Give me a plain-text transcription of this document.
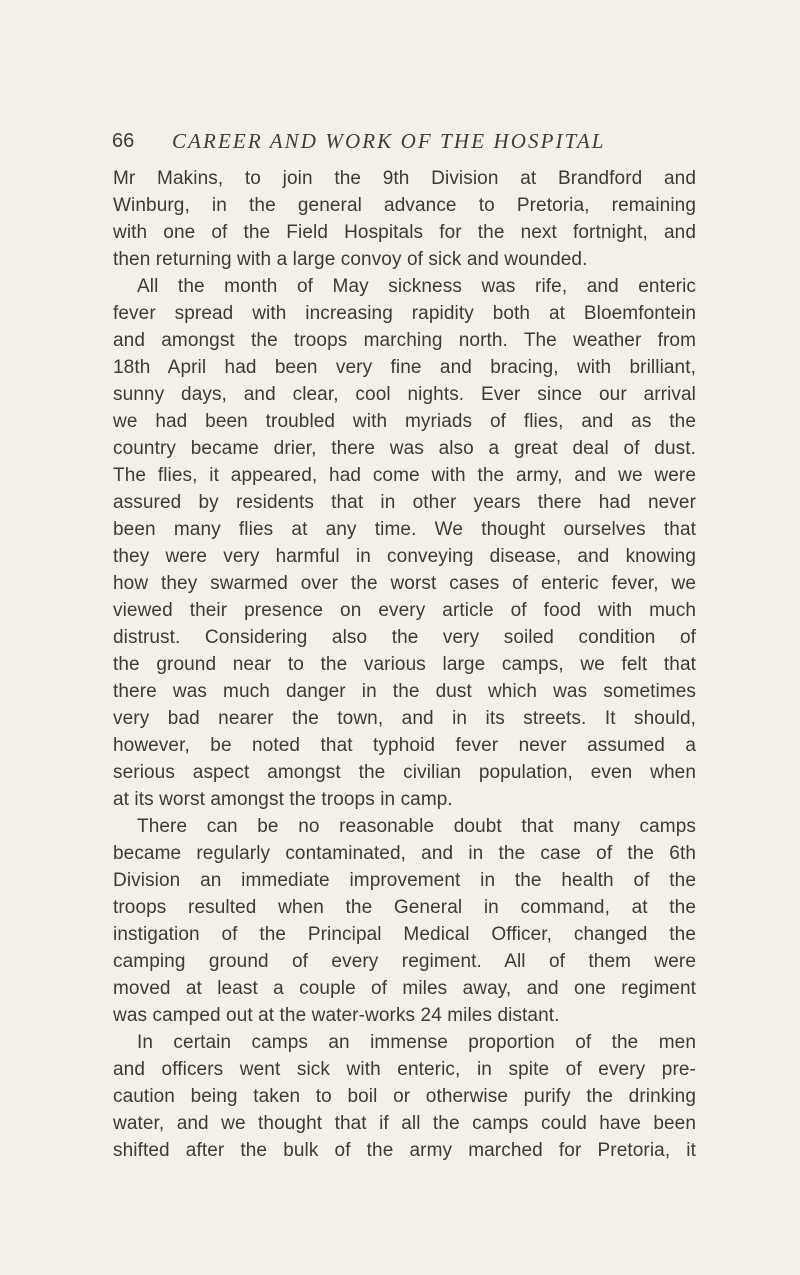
66 CAREER AND WORK OF THE HOSPITAL
Mr Makins, to join the 9th Division at Brandford and
Winburg, in the general advance to Pretoria, remaining
with one of the Field Hospitals for the next fortnight, and
then returning with a large convoy of sick and wounded.
All the month of May sickness was rife, and enteric
fever spread with increasing rapidity both at Bloemfontein
and amongst the troops marching north. The weather from
18th April had been very fine and bracing, with brilliant,
sunny days, and clear, cool nights. Ever since our arrival
we had been troubled with myriads of flies, and as the
country became drier, there was also a great deal of dust.
The flies, it appeared, had come with the army, and we were
assured by residents that in other years there had never
been many flies at any time. We thought ourselves that
they were very harmful in conveying disease, and knowing
how they swarmed over the worst cases of enteric fever, we
viewed their presence on every article of food with much
distrust. Considering also the very soiled condition of
the ground near to the various large camps, we felt that
there was much danger in the dust which was sometimes
very bad nearer the town, and in its streets. It should,
however, be noted that typhoid fever never assumed a
serious aspect amongst the civilian population, even when
at its worst amongst the troops in camp.
There can be no reasonable doubt that many camps
became regularly contaminated, and in the case of the 6th
Division an immediate improvement in the health of the
troops resulted when the General in command, at the
instigation of the Principal Medical Officer, changed the
camping ground of every regiment. All of them were
moved at least a couple of miles away, and one regiment
was camped out at the water-works 24 miles distant.
In certain camps an immense proportion of the men
and officers went sick with enteric, in spite of every pre-
caution being taken to boil or otherwise purify the drinking
water, and we thought that if all the camps could have been
shifted after the bulk of the army marched for Pretoria, it
